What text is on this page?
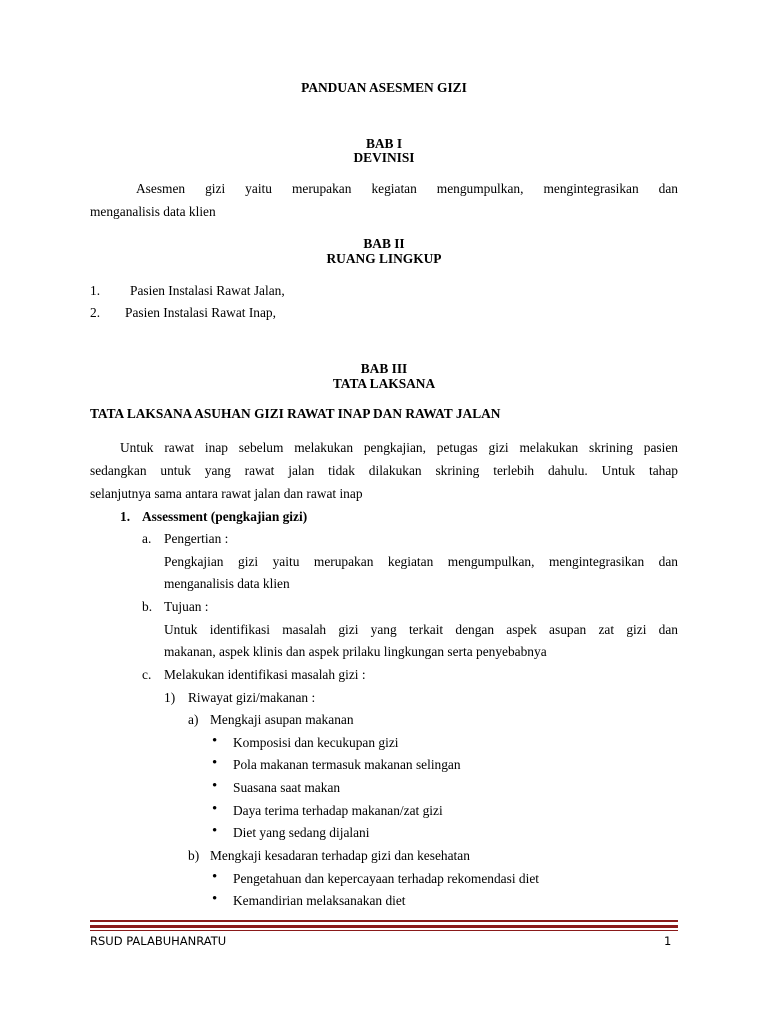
PANDUAN ASESMEN GIZI
BAB I
DEVINISI
Asesmen gizi yaitu merupakan kegiatan mengumpulkan, mengintegrasikan dan
menganalisis data klien
BAB II
RUANG LINGKUP
1. Pasien Instalasi Rawat Jalan,
2. Pasien Instalasi Rawat Inap,
BAB III
TATA LAKSANA
TATA LAKSANA ASUHAN GIZI RAWAT INAP DAN RAWAT JALAN
Untuk rawat inap sebelum melakukan pengkajian, petugas gizi melakukan skrining pasien
sedangkan untuk yang rawat jalan tidak dilakukan skrining terlebih dahulu. Untuk tahap
selanjutnya sama antara rawat jalan dan rawat inap
1. Assessment (pengkajian gizi)
a. Pengertian :
Pengkajian gizi yaitu merupakan kegiatan mengumpulkan, mengintegrasikan dan
menganalisis data klien
b. Tujuan :
Untuk identifikasi masalah gizi yang terkait dengan aspek asupan zat gizi dan
makanan, aspek klinis dan aspek prilaku lingkungan serta penyebabnya
c. Melakukan identifikasi masalah gizi :
1) Riwayat gizi/makanan :
a) Mengkaji asupan makanan
• Komposisi dan kecukupan gizi
• Pola makanan termasuk makanan selingan
• Suasana saat makan
• Daya terima terhadap makanan/zat gizi
• Diet yang sedang dijalani
b) Mengkaji kesadaran terhadap gizi dan kesehatan
• Pengetahuan dan kepercayaan terhadap rekomendasi diet
• Kemandirian melaksanakan diet
RSUD PALABUHANRATU	1
